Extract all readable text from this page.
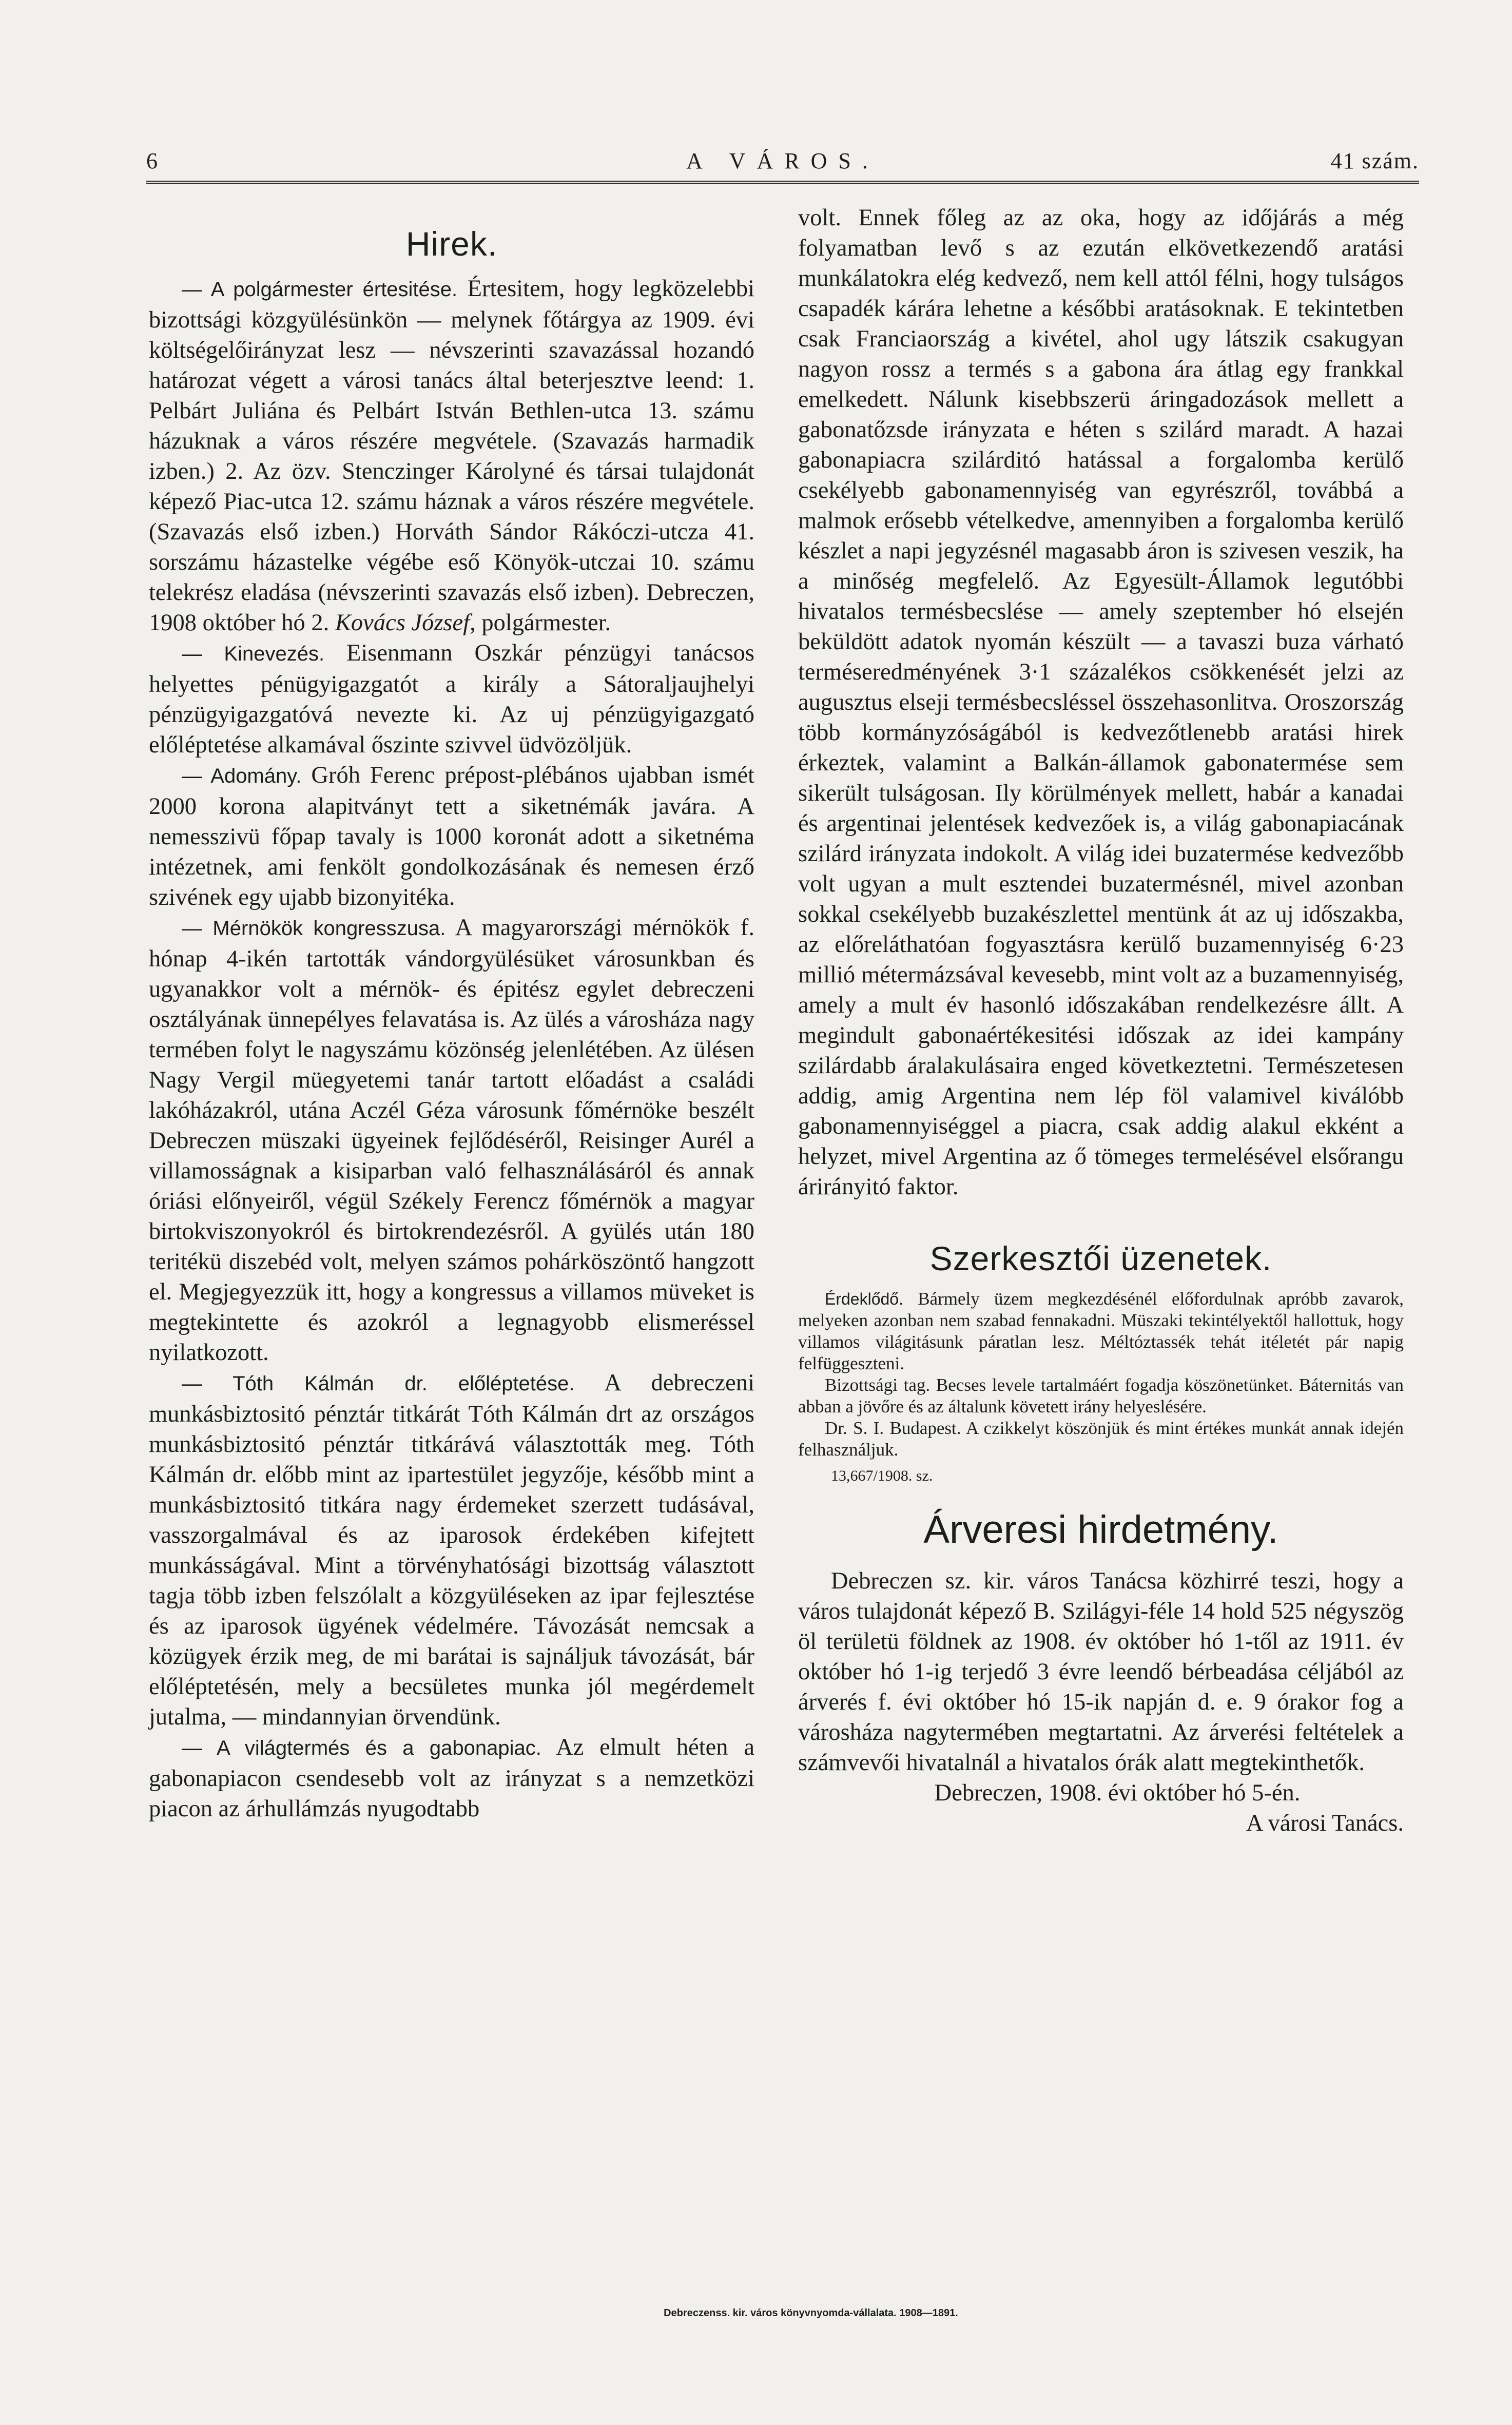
6	A VÁROS.	41 szám.
Hirek.

— A polgármester értesitése. Értesitem, hogy legközelebbi bizottsági közgyülésünkön — melynek főtárgya az 1909. évi költségelőirányzat lesz — névszerinti szavazással hozandó határozat végett a városi tanács által beterjesztve leend: 1. Pelbárt Juliána és Pelbárt István Bethlen-utca 13. számu házuknak a város részére megvétele. (Szavazás harmadik izben.) 2. Az özv. Stenczinger Károlyné és társai tulajdonát képező Piac-utca 12. számu háznak a város részére megvétele. (Szavazás első izben.) Horváth Sándor Rákóczi-utcza 41. sorszámu házastelke végébe eső Könyök-utczai 10. számu telekrész eladása (névszerinti szavazás első izben). Debreczen, 1908 október hó 2. Kovács József, polgármester.

— Kinevezés. Eisenmann Oszkár pénzügyi tanácsos helyettes pénügyigazgatót a király a Sátoraljaujhelyi pénzügyigazgatóvá nevezte ki. Az uj pénzügyigazgató előléptetése alkamával őszinte szivvel üdvözöljük.

— Adomány. Gróh Ferenc prépost-plébános ujabban ismét 2000 korona alapitványt tett a siketnémák javára. A nemesszivü főpap tavaly is 1000 koronát adott a siketnéma intézetnek, ami fenkölt gondolkozásának és nemesen érző szivének egy ujabb bizonyitéka.

— Mérnökök kongresszusa. A magyarországi mérnökök f. hónap 4-ikén tartották vándorgyülésüket városunkban és ugyanakkor volt a mérnök- és épitész egylet debreczeni osztályának ünnepélyes felavatása is. Az ülés a városháza nagy termében folyt le nagyszámu közönség jelenlétében. Az ülésen Nagy Vergil müegyetemi tanár tartott előadást a családi lakóházakról, utána Aczél Géza városunk főmérnöke beszélt Debreczen müszaki ügyeinek fejlődéséről, Reisinger Aurél a villamosságnak a kisiparban való felhasználásáról és annak óriási előnyeiről, végül Székely Ferencz főmérnök a magyar birtokviszonyokról és birtokrendezésről. A gyülés után 180 teritékü diszebéd volt, melyen számos pohárköszöntő hangzott el. Megjegyezzük itt, hogy a kongressus a villamos müveket is megtekintette és azokról a legnagyobb elismeréssel nyilatkozott.

— Tóth Kálmán dr. előléptetése. A debreczeni munkásbiztositó pénztár titkárát Tóth Kálmán drt az országos munkásbiztositó pénztár titkárává választották meg. Tóth Kálmán dr. előbb mint az ipartestület jegyzője, később mint a munkásbiztositó titkára nagy érdemeket szerzett tudásával, vasszorgalmával és az iparosok érdekében kifejtett munkásságával. Mint a törvényhatósági bizottság választott tagja több izben felszólalt a közgyüléseken az ipar fejlesztése és az iparosok ügyének védelmére. Távozását nemcsak a közügyek érzik meg, de mi barátai is sajnáljuk távozását, bár előléptetésén, mely a becsületes munka jól megérdemelt jutalma, — mindannyian örvendünk.

— A világtermés és a gabonapiac. Az elmult héten a gabonapiacon csendesebb volt az irányzat s a nemzetközi piacon az árhullámzás nyugodtabb

volt. Ennek főleg az az oka, hogy az időjárás a még folyamatban levő s az ezután elkövetkezendő aratási munkálatokra elég kedvező, nem kell attól félni, hogy tulságos csapadék kárára lehetne a későbbi aratásoknak. E tekintetben csak Franciaország a kivétel, ahol ugy látszik csakugyan nagyon rossz a termés s a gabona ára átlag egy frankkal emelkedett. Nálunk kisebbszerü áringadozások mellett a gabonatőzsde irányzata e héten s szilárd maradt. A hazai gabonapiacra szilárditó hatással a forgalomba kerülő csekélyebb gabonamennyiség van egyrészről, továbbá a malmok erősebb vételkedve, amennyiben a forgalomba kerülő készlet a napi jegyzésnél magasabb áron is szivesen veszik, ha a minőség megfelelő. Az Egyesült-Államok legutóbbi hivatalos termésbecslése — amely szeptember hó elsején beküldött adatok nyomán készült — a tavaszi buza várható terméseredményének 3·1 százalékos csökkenését jelzi az augusztus elseji termésbecsléssel összehasonlitva. Oroszország több kormányzóságából is kedvezőtlenebb aratási hirek érkeztek, valamint a Balkán-államok gabonatermése sem sikerült tulságosan. Ily körülmények mellett, habár a kanadai és argentinai jelentések kedvezőek is, a világ gabonapiacának szilárd irányzata indokolt. A világ idei buzatermése kedvezőbb volt ugyan a mult esztendei buzatermésnél, mivel azonban sokkal csekélyebb buzakészlettel mentünk át az uj időszakba, az előreláthatóan fogyasztásra kerülő buzamennyiség 6·23 millió métermázsával kevesebb, mint volt az a buzamennyiség, amely a mult év hasonló időszakában rendelkezésre állt. A megindult gabonaértékesitési időszak az idei kampány szilárdabb áralakulásaira enged következtetni. Természetesen addig, amig Argentina nem lép föl valamivel kiválóbb gabonamennyiséggel a piacra, csak addig alakul ekként a helyzet, mivel Argentina az ő tömeges termelésével elsőrangu árirányitó faktor.

Szerkesztői üzenetek.

Érdeklődő. Bármely üzem megkezdésénél előfordulnak apróbb zavarok, melyeken azonban nem szabad fennakadni. Müszaki tekintélyektől hallottuk, hogy villamos világitásunk páratlan lesz. Méltóztassék tehát itéletét pár napig felfüggeszteni.

Bizottsági tag. Becses levele tartalmáért fogadja köszönetünket. Báternitás van abban a jövőre és az általunk követett irány helyeslésére.

Dr. S. I. Budapest. A czikkelyt köszönjük és mint értékes munkát annak idején felhasználjuk.

13,667/1908. sz.

Árveresi hirdetmény.

Debreczen sz. kir. város Tanácsa közhirré teszi, hogy a város tulajdonát képező B. Szilágyi-féle 14 hold 525 négyszög öl területü földnek az 1908. év október hó 1-től az 1911. év október hó 1-ig terjedő 3 évre leendő bérbeadása céljából az árverés f. évi október hó 15-ik napján d. e. 9 órakor fog a városháza nagytermében megtartatni. Az árverési feltételek a számvevői hivatalnál a hivatalos órák alatt megtekinthetők.

Debreczen, 1908. évi október hó 5-én.

A városi Tanács.

Debreczenss. kir. város könyvnyomda-vállalata. 1908—1891.
